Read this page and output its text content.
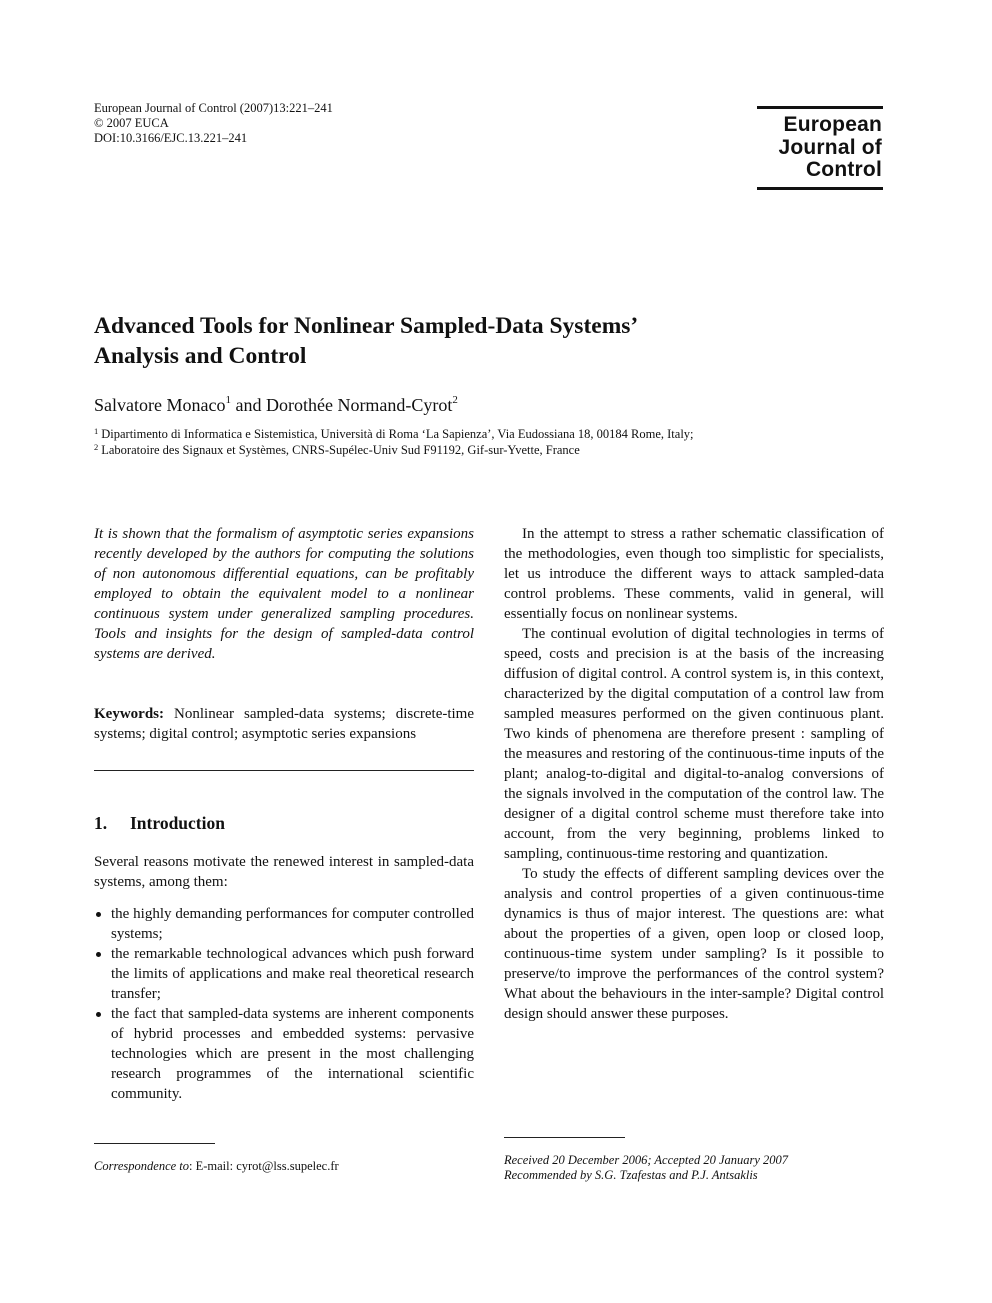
European Journal of Control (2007)13:221–241
© 2007 EUCA
DOI:10.3166/EJC.13.221–241
European
Journal of
Control
Advanced Tools for Nonlinear Sampled-Data Systems’
Analysis and Control
Salvatore Monaco$^1$ and Dorothée Normand-Cyrot$^2$
$^1$ Dipartimento di Informatica e Sistemistica, Università di Roma ‘La Sapienza’, Via Eudossiana 18, 00184 Rome, Italy;
$^2$ Laboratoire des Signaux et Systèmes, CNRS-Supélec-Univ Sud F91192, Gif-sur-Yvette, France

It is shown that the formalism of asymptotic series expansions recently developed by the authors for computing the solutions of non autonomous differential equations, can be profitably employed to obtain the equivalent model to a nonlinear continuous system under generalized sampling procedures. Tools and insights for the design of sampled-data control systems are derived.

Keywords: Nonlinear sampled-data systems; discrete-time systems; digital control; asymptotic series expansions

1. Introduction

Several reasons motivate the renewed interest in sampled-data systems, among them:

the highly demanding performances for computer controlled systems;
the remarkable technological advances which push forward the limits of applications and make real theoretical research transfer;
the fact that sampled-data systems are inherent components of hybrid processes and embedded systems: pervasive technologies which are present in the most challenging research programmes of the international scientific community.

In the attempt to stress a rather schematic classification of the methodologies, even though too simplistic for specialists, let us introduce the different ways to attack sampled-data control problems. These comments, valid in general, will essentially focus on nonlinear systems.

The continual evolution of digital technologies in terms of speed, costs and precision is at the basis of the increasing diffusion of digital control. A control system is, in this context, characterized by the digital computation of a control law from sampled measures performed on the given continuous plant. Two kinds of phenomena are therefore present : sampling of the measures and restoring of the continuous-time inputs of the plant; analog-to-digital and digital-to-analog conversions of the signals involved in the computation of the control law. The designer of a digital control scheme must therefore take into account, from the very beginning, problems linked to sampling, continuous-time restoring and quantization.

To study the effects of different sampling devices over the analysis and control properties of a given continuous-time dynamics is thus of major interest. The questions are: what about the properties of a given, open loop or closed loop, continuous-time system under sampling? Is it possible to preserve/to improve the performances of the control system? What about the behaviours in the inter-sample? Digital control design should answer these purposes.

Correspondence to: E-mail: cyrot@lss.supelec.fr	Received 20 December 2006; Accepted 20 January 2007
Recommended by S.G. Tzafestas and P.J. Antsaklis
